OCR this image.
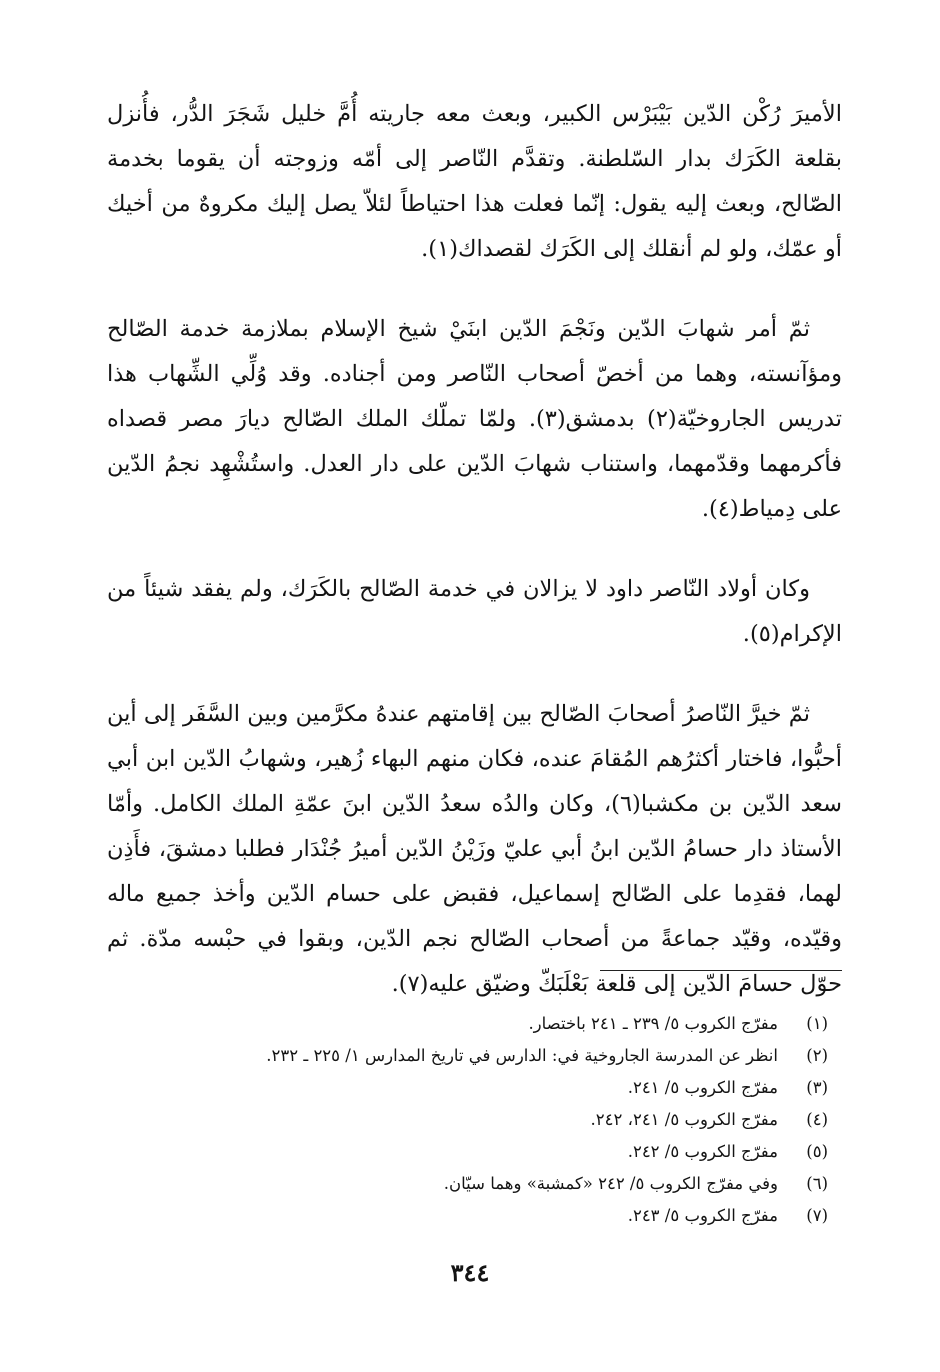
الأميرَ رُكْن الدّين بَيْبَرْس الكبير، وبعث معه جاريته أُمَّ خليل شَجَرَ الدُّر، فأُنزل بقلعة الكَرَك بدار السّلطنة. وتقدَّم النّاصر إلى أمّه وزوجته أن يقوما بخدمة الصّالح، وبعث إليه يقول: إنّما فعلت هذا احتياطاً لئلاّ يصل إليك مكروهٌ من أخيك أو عمّك، ولو لم أنقلك إلى الكَرَك لقصداك(١).

ثمّ أمر شهابَ الدّين ونَجْمَ الدّين ابنَيْ شيخ الإسلام بملازمة خدمة الصّالح ومؤآنسته، وهما من أخصّ أصحاب النّاصر ومن أجناده. وقد وُلِّي الشِّهاب هذا تدريس الجاروخيّة(٢) بدمشق(٣). ولمّا تملّك الملك الصّالح ديارَ مصر قصداه فأكرمهما وقدّمهما، واستناب شهابَ الدّين على دار العدل. واستُشْهِد نجمُ الدّين على دِمياط(٤).

وكان أولاد النّاصر داود لا يزالان في خدمة الصّالح بالكَرَك، ولم يفقد شيئاً من الإكرام(٥).

ثمّ خيرَّ النّاصرُ أصحابَ الصّالح بين إقامتهم عندهُ مكرَّمين وبين السَّفَر إلى أين أحبُّوا، فاختار أكثرُهم المُقامَ عنده، فكان منهم البهاء زُهير، وشهابُ الدّين ابن أبي سعد الدّين بن مكشبا(٦)، وكان والدُه سعدُ الدّين ابنَ عمّةِ الملك الكامل. وأمّا الأستاذ دار حسامُ الدّين ابنُ أبي عليّ وزَيْنُ الدّين أميرُ جُنْدَار فطلبا دمشقَ، فأَذِن لهما، فقدِما على الصّالح إسماعيل، فقبض على حسام الدّين وأخذ جميع ماله وقيّده، وقيّد جماعةً من أصحاب الصّالح نجم الدّين، وبقوا في حبْسه مدّة. ثم حوّل حسامَ الدّين إلى قلعة بَعْلَبَكّ وضيّق عليه(٧).

(١)
مفرّج الكروب ٥/ ٢٣٩ ـ ٢٤١ باختصار.
(٢)
انظر عن المدرسة الجاروخية في: الدارس في تاريخ المدارس ١/ ٢٢٥ ـ ٢٣٢.
(٣)
مفرّج الكروب ٥/ ٢٤١.
(٤)
مفرّج الكروب ٥/ ٢٤١، ٢٤٢.
(٥)
مفرّج الكروب ٥/ ٢٤٢.
(٦)
وفي مفرّج الكروب ٥/ ٢٤٢ «كمشبة» وهما سيّان.
(٧)
مفرّج الكروب ٥/ ٢٤٣.
٣٤٤
